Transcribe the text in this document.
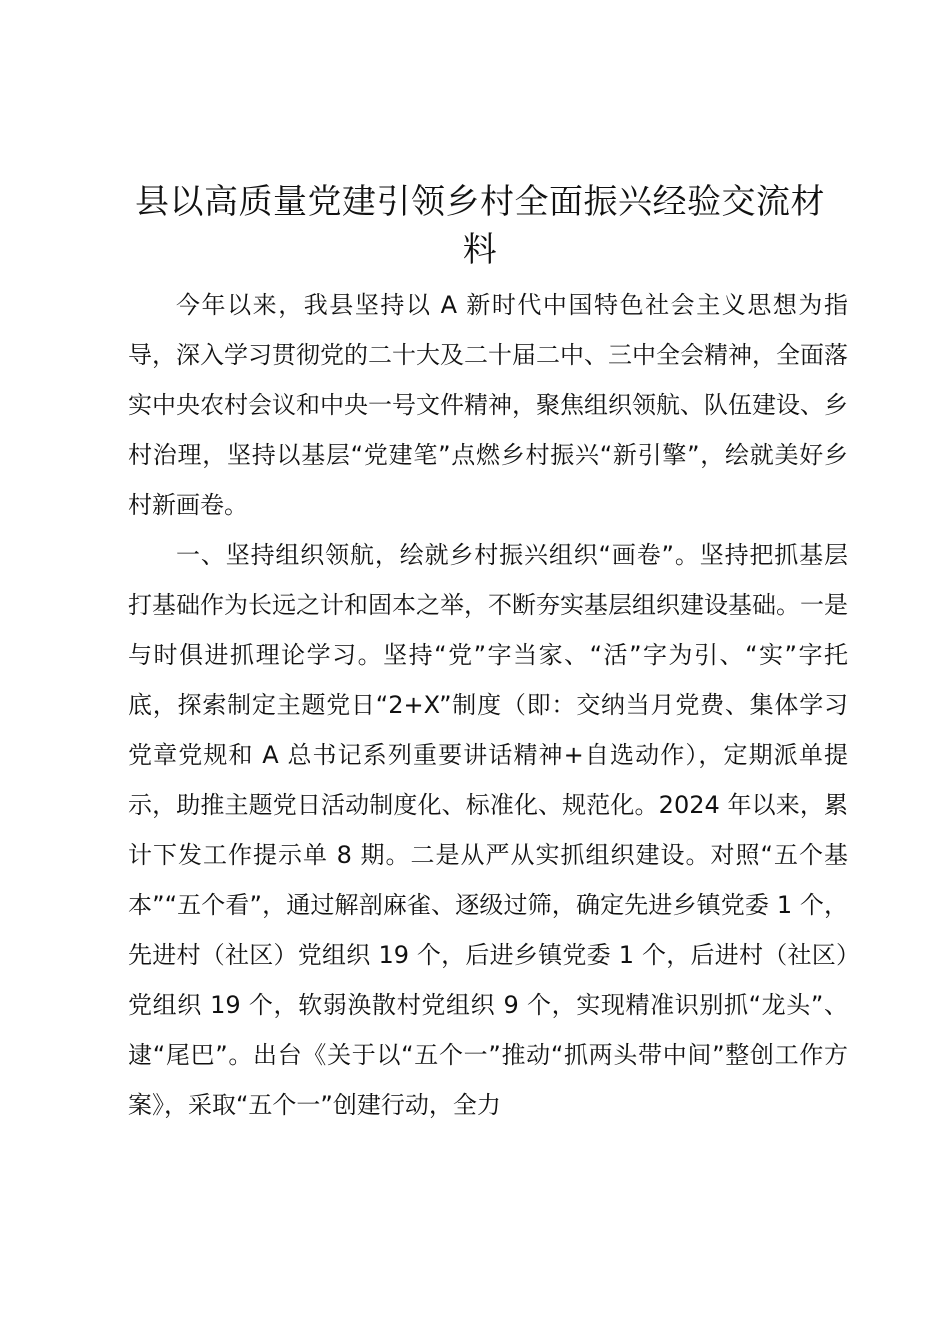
县以高质量党建引领乡村全面振兴经验交流材料

今年以来，我县坚持以 A 新时代中国特色社会主义思想为指导，深入学习贯彻党的二十大及二十届二中、三中全会精神，全面落实中央农村会议和中央一号文件精神，聚焦组织领航、队伍建设、乡村治理，坚持以基层“党建笔”点燃乡村振兴“新引擎”，绘就美好乡村新画卷。

一、坚持组织领航，绘就乡村振兴组织“画卷”。坚持把抓基层打基础作为长远之计和固本之举，不断夯实基层组织建设基础。一是与时俱进抓理论学习。坚持“党”字当家、“活”字为引、“实”字托底，探索制定主题党日“2+X”制度（即：交纳当月党费、集体学习党章党规和 A 总书记系列重要讲话精神+自选动作），定期派单提示，助推主题党日活动制度化、标准化、规范化。2024 年以来，累计下发工作提示单 8 期。二是从严从实抓组织建设。对照“五个基本”“五个看”，通过解剖麻雀、逐级过筛，确定先进乡镇党委 1 个，先进村（社区）党组织 19 个，后进乡镇党委 1 个，后进村（社区）党组织 19 个，软弱涣散村党组织 9 个，实现精准识别抓“龙头”、逮“尾巴”。出台《关于以“五个一”推动“抓两头带中间”整创工作方案》，采取“五个一”创建行动，全力
